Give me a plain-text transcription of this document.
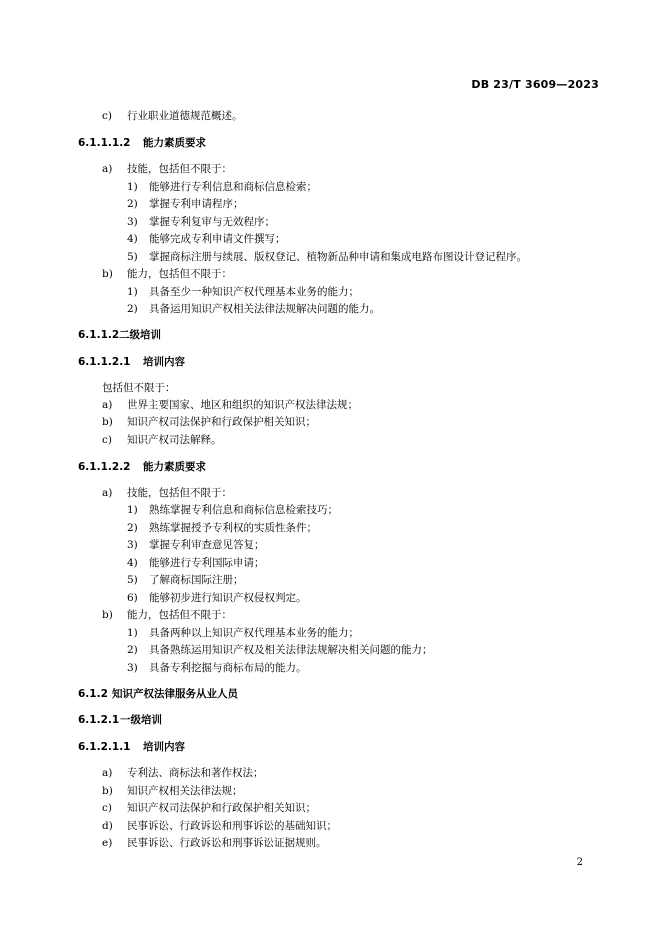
DB 23/T 3609—2023
c) 行业职业道德规范概述。
6.1.1.1.2 能力素质要求
a) 技能，包括但不限于：
1) 能够进行专利信息和商标信息检索；
2) 掌握专利申请程序；
3) 掌握专利复审与无效程序；
4) 能够完成专利申请文件撰写；
5) 掌握商标注册与续展、版权登记、植物新品种申请和集成电路布图设计登记程序。
b) 能力，包括但不限于：
1) 具备至少一种知识产权代理基本业务的能力；
2) 具备运用知识产权相关法律法规解决问题的能力。
6.1.1.2 二级培训
6.1.1.2.1 培训内容
包括但不限于：
a) 世界主要国家、地区和组织的知识产权法律法规；
b) 知识产权司法保护和行政保护相关知识；
c) 知识产权司法解释。
6.1.1.2.2 能力素质要求
a) 技能，包括但不限于：
1) 熟练掌握专利信息和商标信息检索技巧；
2) 熟练掌握授予专利权的实质性条件；
3) 掌握专利审查意见答复；
4) 能够进行专利国际申请；
5) 了解商标国际注册；
6) 能够初步进行知识产权侵权判定。
b) 能力，包括但不限于：
1) 具备两种以上知识产权代理基本业务的能力；
2) 具备熟练运用知识产权及相关法律法规解决相关问题的能力；
3) 具备专利挖掘与商标布局的能力。
6.1.2 知识产权法律服务从业人员
6.1.2.1 一级培训
6.1.2.1.1 培训内容
a) 专利法、商标法和著作权法；
b) 知识产权相关法律法规；
c) 知识产权司法保护和行政保护相关知识；
d) 民事诉讼、行政诉讼和刑事诉讼的基础知识；
e) 民事诉讼、行政诉讼和刑事诉讼证据规则。
2
